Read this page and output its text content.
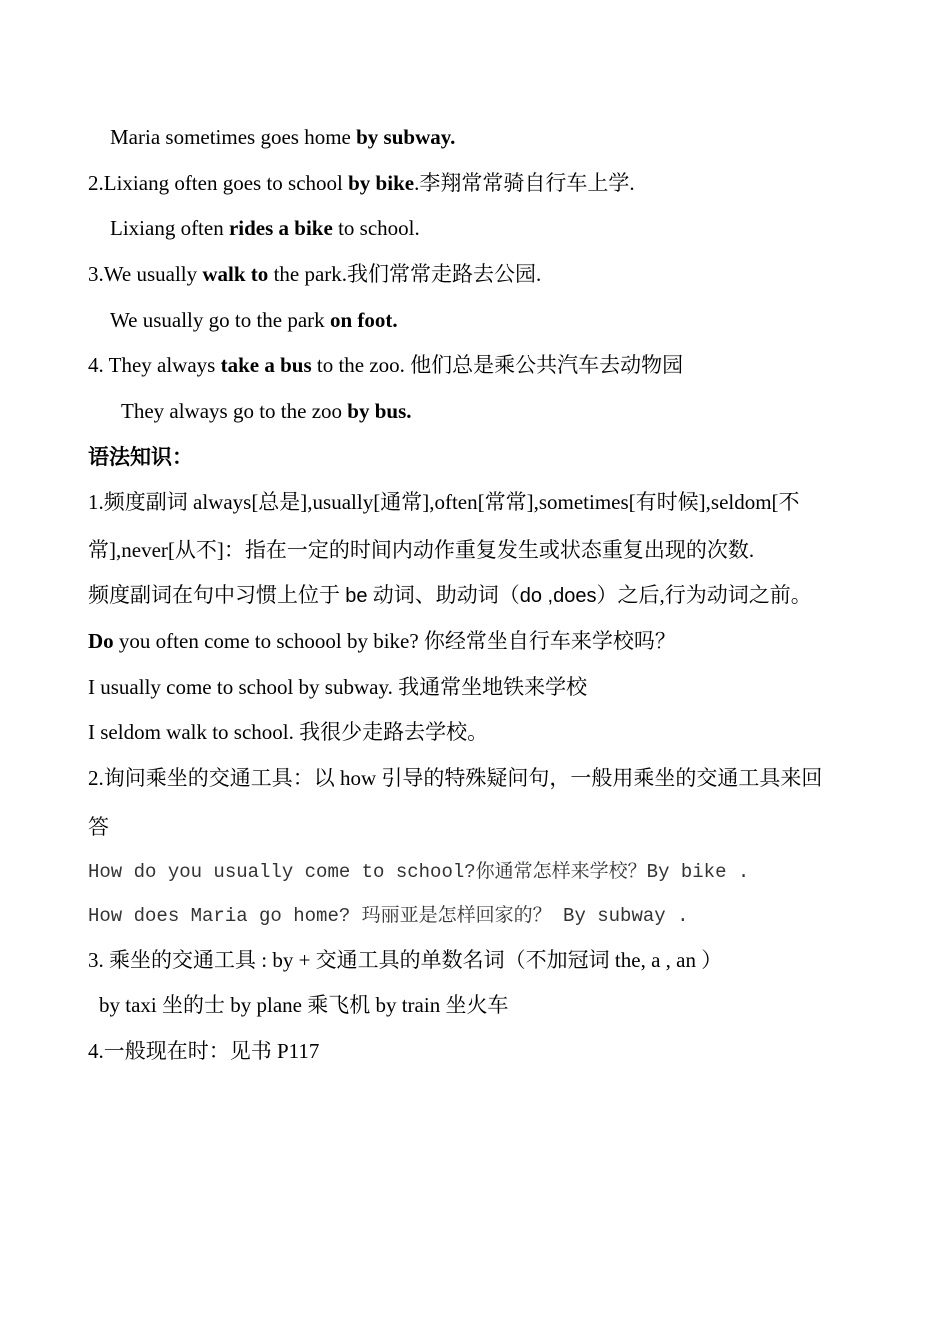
Maria sometimes goes home by subway.
2.Lixiang often goes to school by bike.李翔常常骑自行车上学.
Lixiang often rides a bike to school.
3.We usually walk to the park.我们常常走路去公园.
We usually go to the park on foot.
4. They always take a bus to the zoo. 他们总是乘公共汽车去动物园
They always go to the zoo by bus.
语法知识：
1.频度副词 always[总是],usually[通常],often[常常],sometimes[有时候],seldom[不
常],never[从不]：指在一定的时间内动作重复发生或状态重复出现的次数.
频度副词在句中习惯上位于 be 动词、助动词（do ,does）之后,行为动词之前。
Do you often come to schoool by bike? 你经常坐自行车来学校吗？
I usually come to school by subway. 我通常坐地铁来学校
I seldom walk to school. 我很少走路去学校。
2.询问乘坐的交通工具：以 how 引导的特殊疑问句，一般用乘坐的交通工具来回
答
How do you usually come to school?你通常怎样来学校？By bike .
How does Maria go home? 玛丽亚是怎样回家的？ By subway .
3. 乘坐的交通工具 : by + 交通工具的单数名词（不加冠词 the, a , an ）
by taxi 坐的士 by plane 乘飞机 by train 坐火车
4.一般现在时：见书 P117
